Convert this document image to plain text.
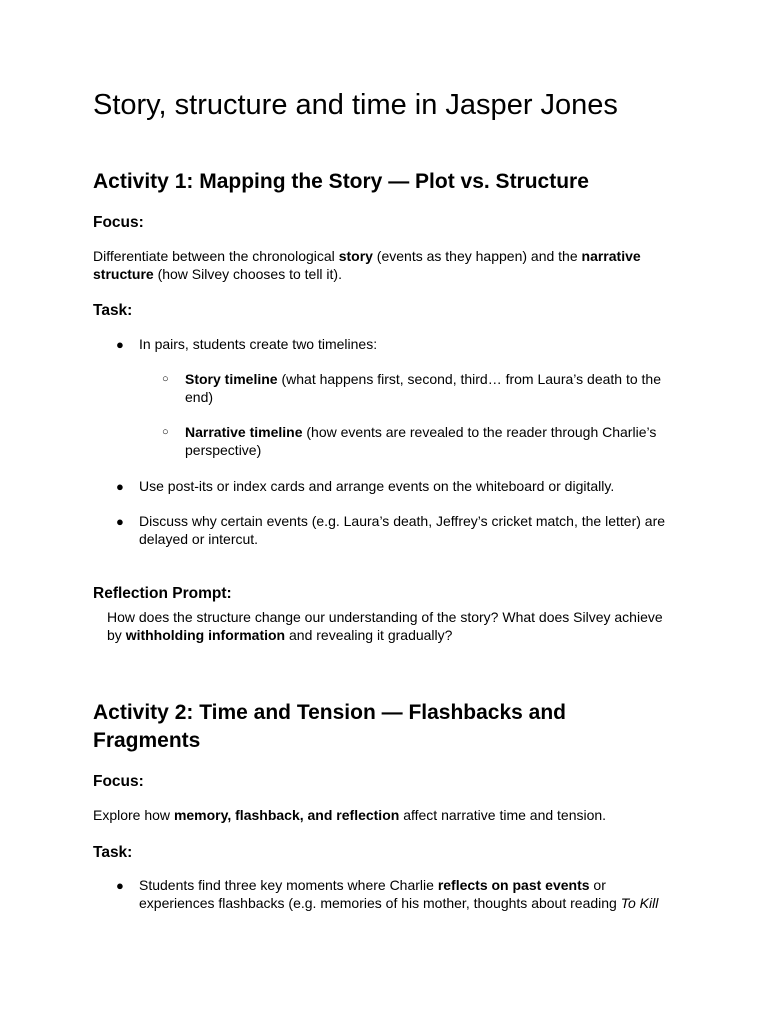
Story, structure and time in Jasper Jones
Activity 1: Mapping the Story — Plot vs. Structure
Focus:

Differentiate between the chronological story (events as they happen) and the narrative structure (how Silvey chooses to tell it).

Task:
● In pairs, students create two timelines:
○ Story timeline (what happens first, second, third… from Laura’s death to the end)
○ Narrative timeline (how events are revealed to the reader through Charlie’s perspective)
● Use post-its or index cards and arrange events on the whiteboard or digitally.
● Discuss why certain events (e.g. Laura’s death, Jeffrey’s cricket match, the letter) are delayed or intercut.
Reflection Prompt:

How does the structure change our understanding of the story? What does Silvey achieve by withholding information and revealing it gradually?

Activity 2: Time and Tension — Flashbacks and Fragments
Focus:

Explore how memory, flashback, and reflection affect narrative time and tension.

Task:
● Students find three key moments where Charlie reflects on past events or experiences flashbacks (e.g. memories of his mother, thoughts about reading To Kill
